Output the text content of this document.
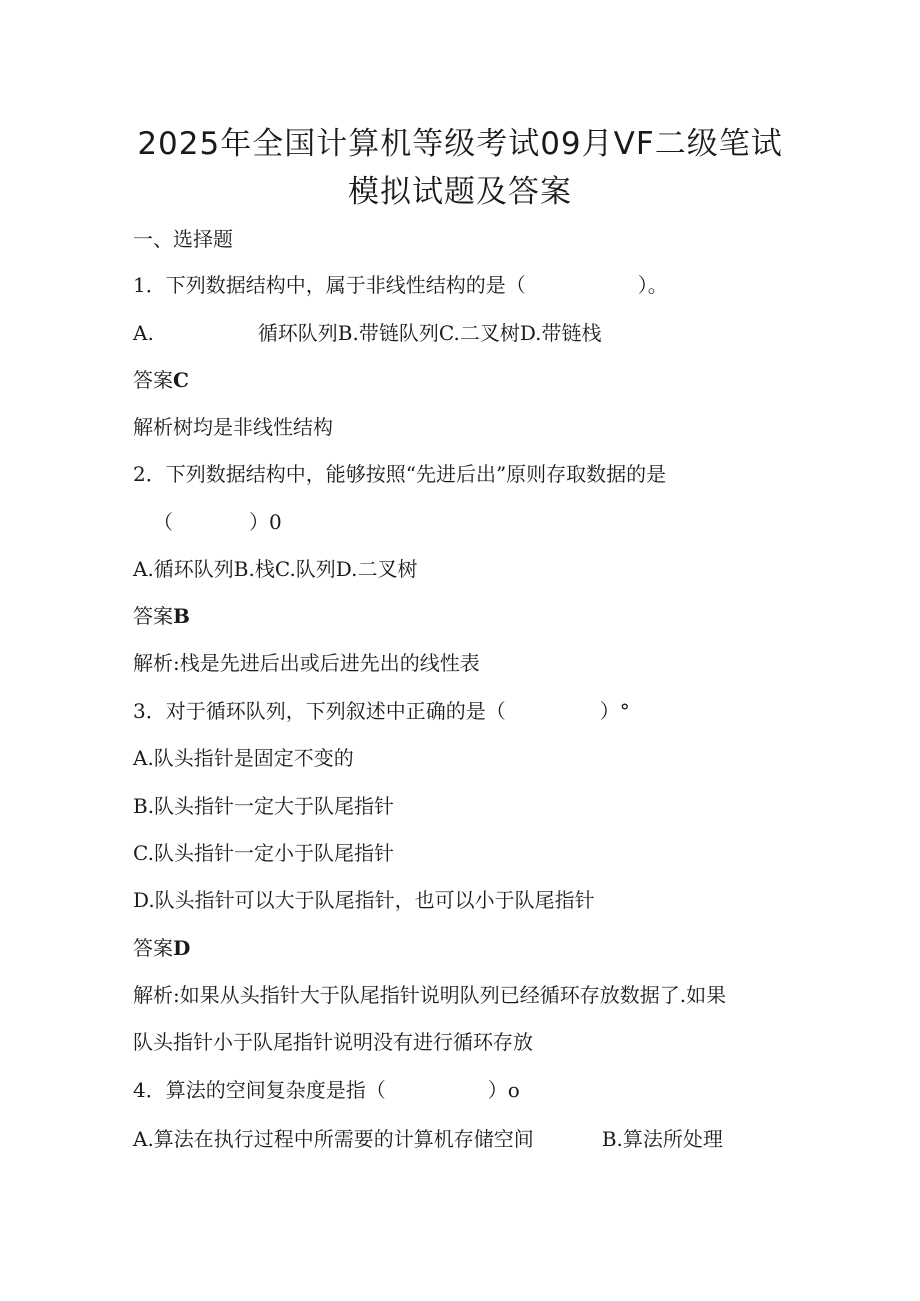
2025年全国计算机等级考试09月VF二级笔试
模拟试题及答案
一、选择题
1．下列数据结构中，属于非线性结构的是（	）。
A.	循环队列B.带链队列C.二叉树D.带链栈
答案C
解析树均是非线性结构
2．下列数据结构中，能够按照“先进后出”原则存取数据的是
（	）0
A.循环队列B.栈C.队列D.二叉树
答案B
解析:栈是先进后出或后进先出的线性表
3．对于循环队列，下列叙述中正确的是（	）°
A.队头指针是固定不变的
B.队头指针一定大于队尾指针
C.队头指针一定小于队尾指针
D.队头指针可以大于队尾指针，也可以小于队尾指针
答案D
解析:如果从头指针大于队尾指针说明队列已经循环存放数据了.如果
队头指针小于队尾指针说明没有进行循环存放
4．算法的空间复杂度是指（	）o
A.算法在执行过程中所需要的计算机存储空间	B.算法所处理
